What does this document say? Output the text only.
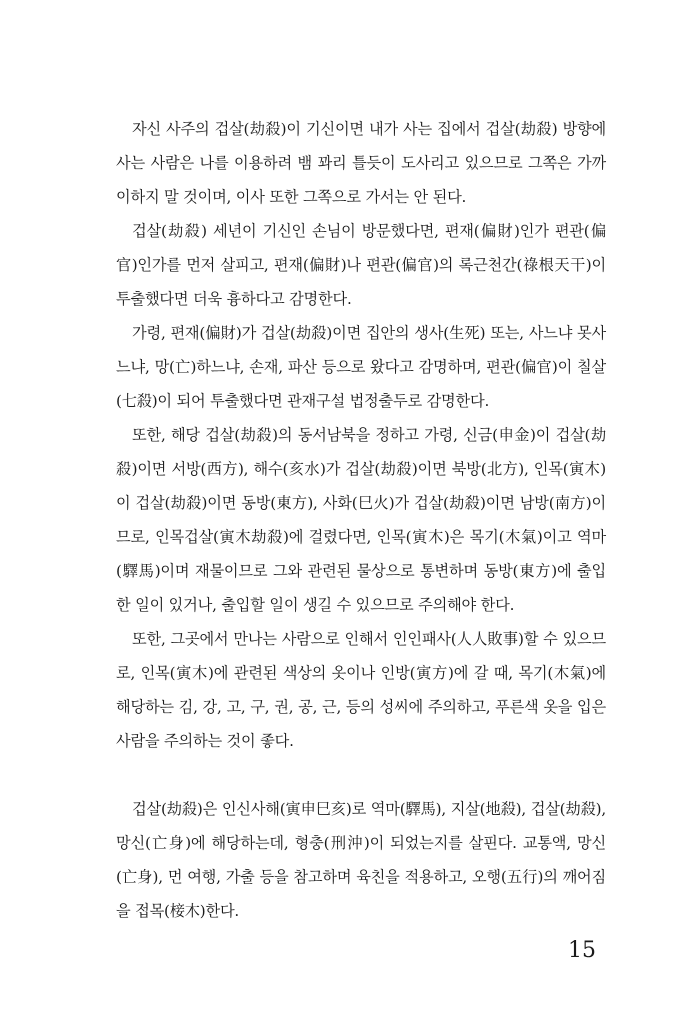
자신 사주의 겁살(劫殺)이 기신이면 내가 사는 집에서 겁살(劫殺) 방향에 사는 사람은 나를 이용하려 뱀 꽈리 틀듯이 도사리고 있으므로 그쪽은 가까이하지 말 것이며, 이사 또한 그쪽으로 가서는 안 된다.

겁살(劫殺) 세년이 기신인 손님이 방문했다면, 편재(偏財)인가 편관(偏官)인가를 먼저 살피고, 편재(偏財)나 편관(偏官)의 록근천간(祿根天干)이 투출했다면 더욱 흉하다고 감명한다.

가령, 편재(偏財)가 겁살(劫殺)이면 집안의 생사(生死) 또는, 사느냐 못사느냐, 망(亡)하느냐, 손재, 파산 등으로 왔다고 감명하며, 편관(偏官)이 칠살(七殺)이 되어 투출했다면 관재구설 법정출두로 감명한다.

또한, 해당 겁살(劫殺)의 동서남북을 정하고 가령, 신금(申金)이 겁살(劫殺)이면 서방(西方), 해수(亥水)가 겁살(劫殺)이면 북방(北方), 인목(寅木)이 겁살(劫殺)이면 동방(東方), 사화(巳火)가 겁살(劫殺)이면 남방(南方)이므로, 인목겁살(寅木劫殺)에 걸렸다면, 인목(寅木)은 목기(木氣)이고 역마(驛馬)이며 재물이므로 그와 관련된 물상으로 통변하며 동방(東方)에 출입한 일이 있거나, 출입할 일이 생길 수 있으므로 주의해야 한다.

또한, 그곳에서 만나는 사람으로 인해서 인인패사(人人敗事)할 수 있으므로, 인목(寅木)에 관련된 색상의 옷이나 인방(寅方)에 갈 때, 목기(木氣)에 해당하는 김, 강, 고, 구, 권, 공, 근, 등의 성씨에 주의하고, 푸른색 옷을 입은 사람을 주의하는 것이 좋다.

겁살(劫殺)은 인신사해(寅申巳亥)로 역마(驛馬), 지살(地殺), 겁살(劫殺), 망신(亡身)에 해당하는데, 형충(刑沖)이 되었는지를 살핀다. 교통액, 망신(亡身), 먼 여행, 가출 등을 참고하며 육친을 적용하고, 오행(五行)의 깨어짐을 접목(椄木)한다.

15
